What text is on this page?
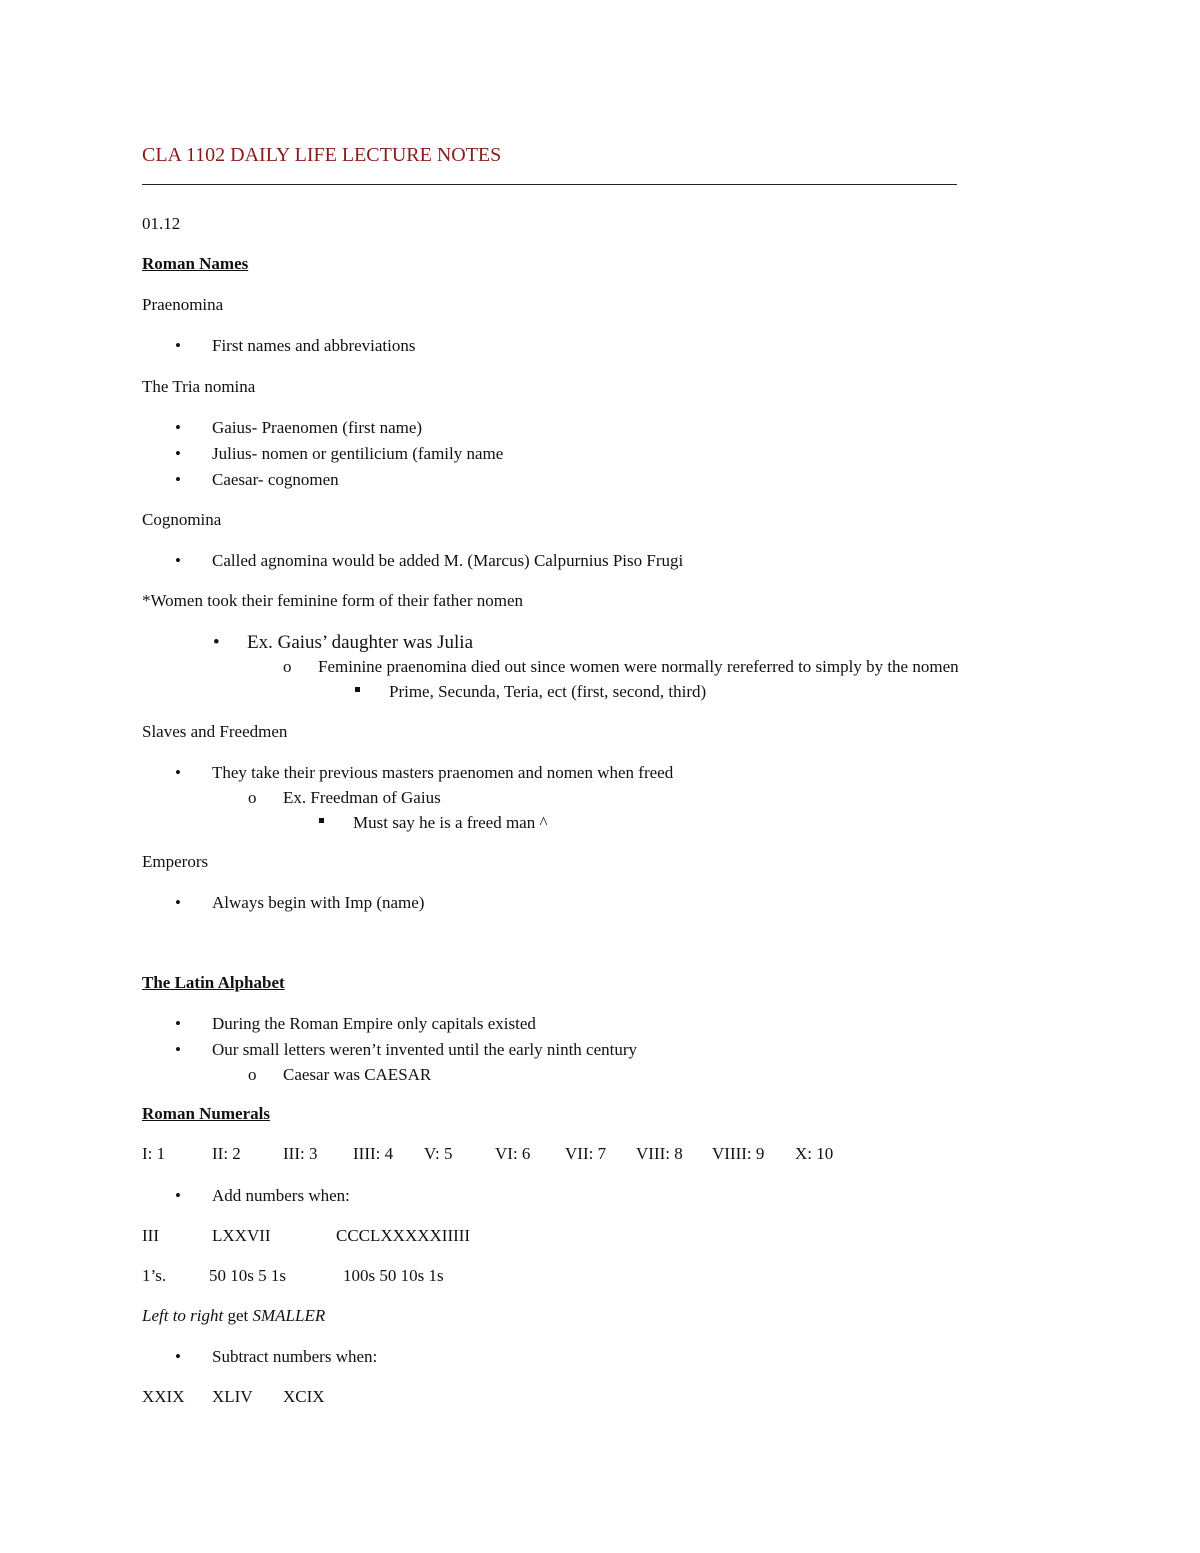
CLA 1102 DAILY LIFE LECTURE NOTES
01.12
Roman Names
Praenomina
• First names and abbreviations
The Tria nomina
• Gaius- Praenomen (first name)
• Julius- nomen or gentilicium (family name
• Caesar- cognomen
Cognomina
• Called agnomina would be added M. (Marcus) Calpurnius Piso Frugi
*Women took their feminine form of their father nomen
• Ex. Gaius’ daughter was Julia
o Feminine praenomina died out since women were normally rereferred to simply by the nomen
Prime, Secunda, Teria, ect (first, second, third)
Slaves and Freedmen
• They take their previous masters praenomen and nomen when freed
o Ex. Freedman of Gaius
Must say he is a freed man ^
Emperors
• Always begin with Imp (name)
The Latin Alphabet
• During the Roman Empire only capitals existed
• Our small letters weren’t invented until the early ninth century
o Caesar was CAESAR
Roman Numerals
I: 1	II: 2 III: 3 IIII: 4 V: 5	VI: 6 VII: 7 VIII: 8 VIIII: 9 X: 10
• Add numbers when:
III	LXXVII	CCCLXXXXXIIIII
1’s.	50 10s 5 1s	100s 50 10s 1s
Left to right get SMALLER
• Subtract numbers when:
XXIX XLIV XCIX
